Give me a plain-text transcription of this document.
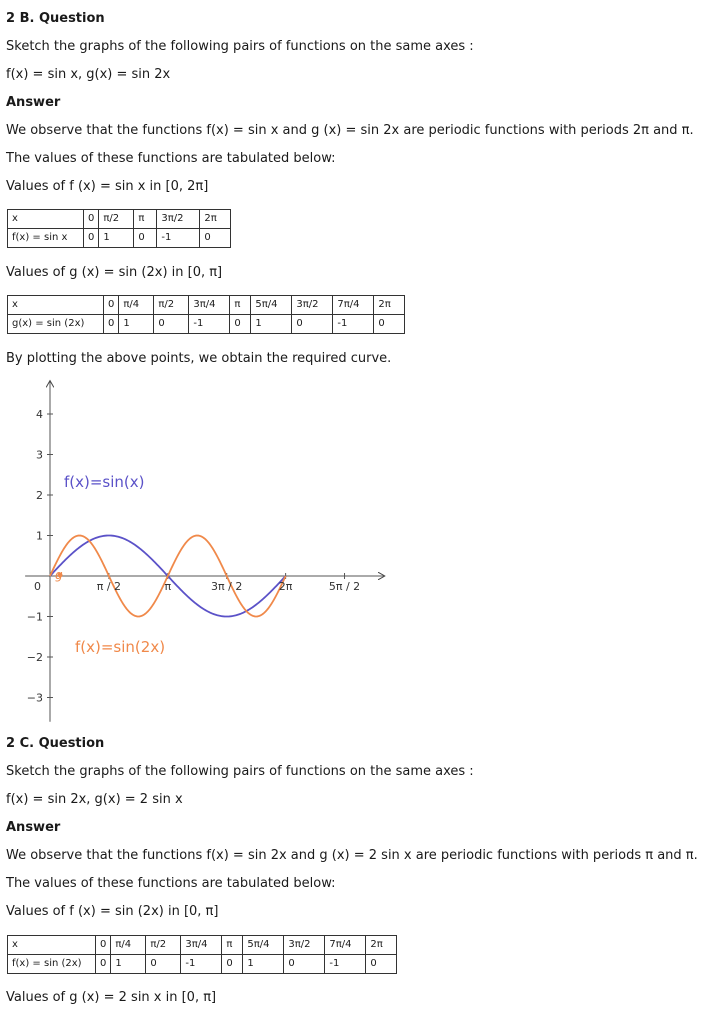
2 B. Question
Sketch the graphs of the following pairs of functions on the same axes :
f(x) = sin x, g(x) = sin 2x
Answer
We observe that the functions f(x) = sin x and g (x) = sin 2x are periodic functions with periods 2π and π.
The values of these functions are tabulated below:
Values of f (x) = sin x in [0, 2π]
x	0	π/2	π	3π/2	2π
f(x) = sin x	0	1	0	-1	0
Values of g (x) = sin (2x) in [0, π]
x	0	π/4	π/2	3π/4	π	5π/4	3π/2	7π/4	2π
g(x) = sin (2x)	0	1	0	-1	0	1	0	-1	0
By plotting the above points, we obtain the required curve.
4
3
2
1
−1
−2
−3
π / 2	π	3π / 2	2π	5π / 2
0
f(x)=sin(x)
f(x)=sin(2x)
g
2 C. Question
Sketch the graphs of the following pairs of functions on the same axes :
f(x) = sin 2x, g(x) = 2 sin x
Answer
We observe that the functions f(x) = sin 2x and g (x) = 2 sin x are periodic functions with periods π and π.
The values of these functions are tabulated below:
Values of f (x) = sin (2x) in [0, π]
x	0	π/4	π/2	3π/4	π	5π/4	3π/2	7π/4	2π
f(x) = sin (2x)	0	1	0	-1	0	1	0	-1	0
Values of g (x) = 2 sin x in [0, π]
